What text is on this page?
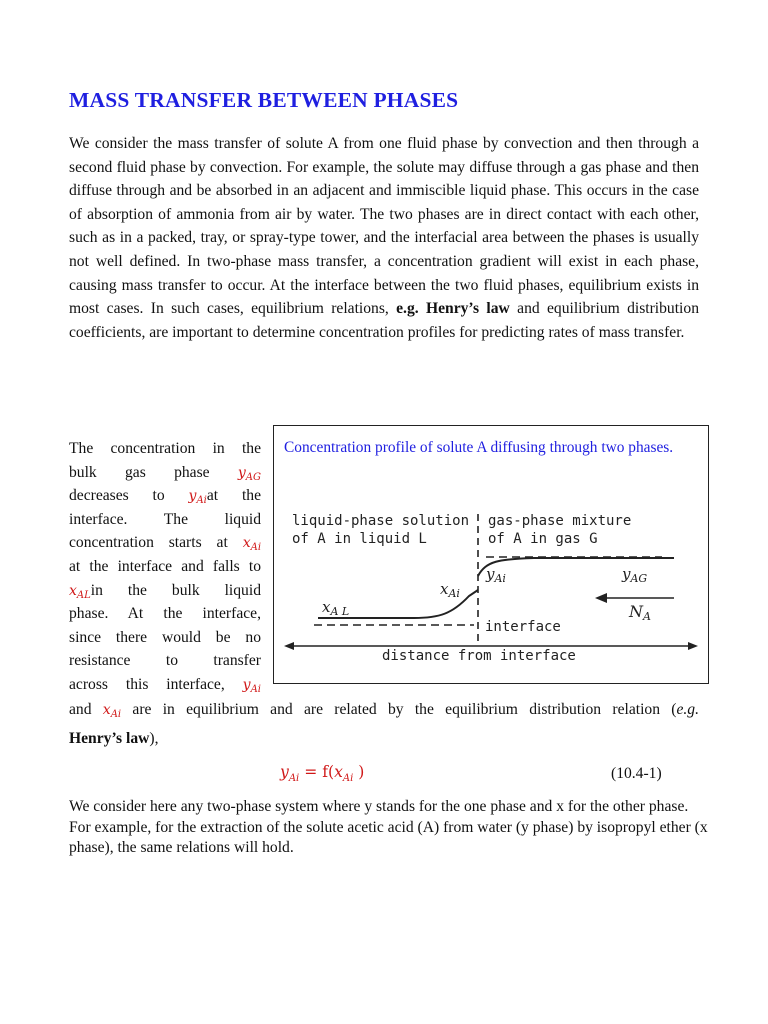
MASS TRANSFER BETWEEN PHASES

We consider the mass transfer of solute A from one fluid phase by convection and then through a second fluid phase by convection. For example, the solute may diffuse through a gas phase and then diffuse through and be absorbed in an adjacent and immiscible liquid phase. This occurs in the case of absorption of ammonia from air by water. The two phases are in direct contact with each other, such as in a packed, tray, or spray-type tower, and the interfacial area between the phases is usually not well defined. In two-phase mass transfer, a concentration gradient will exist in each phase, causing mass transfer to occur. At the interface between the two fluid phases, equilibrium exists in most cases. In such cases, equilibrium relations, e.g. Henry’s law and equilibrium distribution coefficients, are important to determine concentration profiles for predicting rates of mass transfer.

The concentration in the
bulk gas phase $y_{AG}$
decreases to $y_{Ai}at$ the
interface. The liquid
concentration starts at $x_{Ai}$
at the interface and falls to
$x_{AL}in$ the bulk liquid
phase. At the interface,
since there would be no
resistance to transfer
across this interface, $y_{Ai}$

Concentration profile of solute A diffusing through two phases.

liquid-phase solution
of A in liquid L
gas-phase mixture
of A in gas G
$y_{Ai}$	$y_{AG}$
$x_{Ai}$
$x_{A L}$	NA
interface
distance from interface

and $x_{Ai}$ are in equilibrium and are related by the equilibrium distribution relation (e.g.
Henry’s law),

$y_{Ai} = f(x_{Ai}$ )	(10.4-1)

We consider here any two-phase system where y stands for the one phase and x for the other phase. For example, for the extraction of the solute acetic acid (A) from water (y phase) by isopropyl ether (x phase), the same relations will hold.
